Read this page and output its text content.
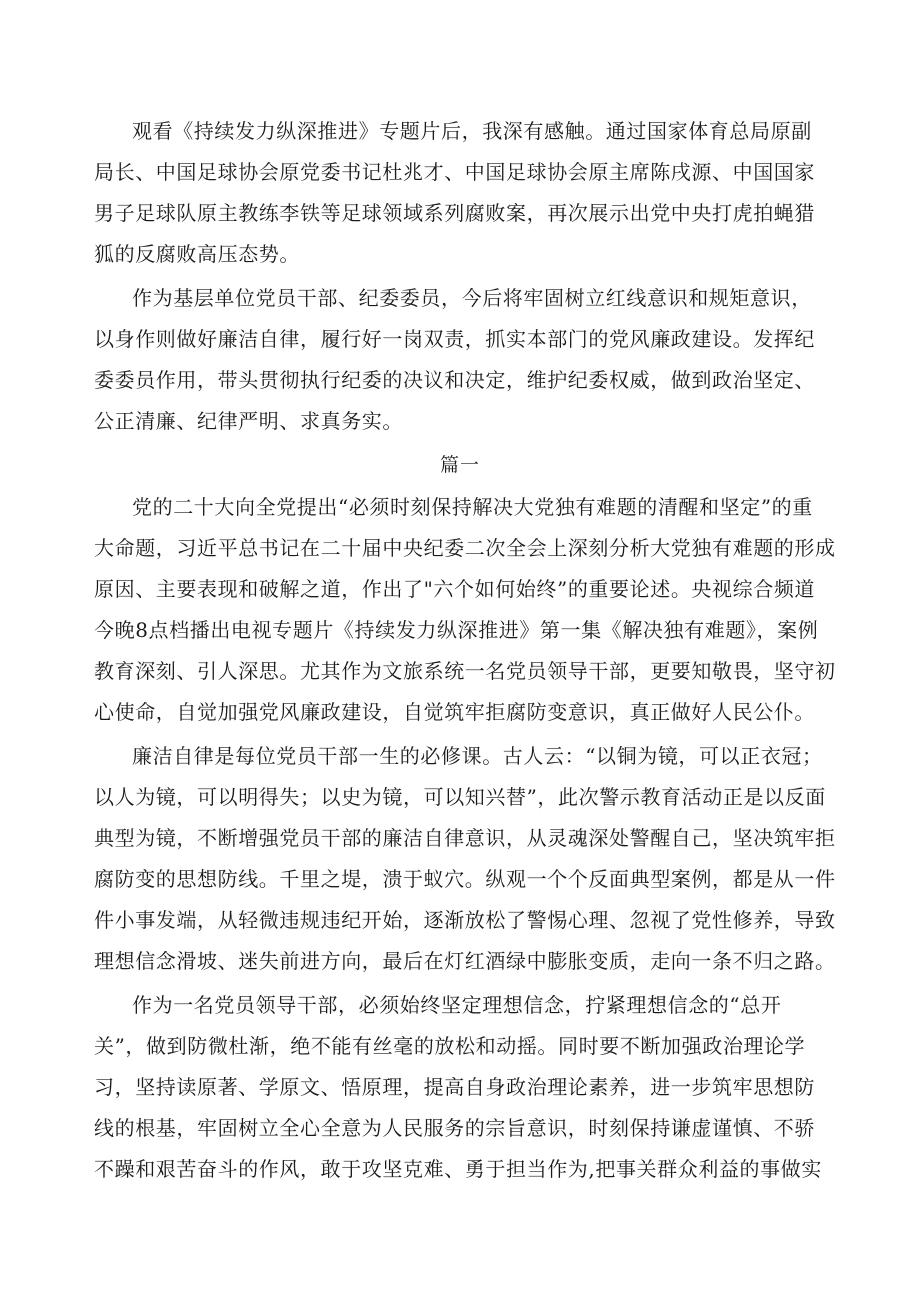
观看《持续发力纵深推进》专题片后，我深有感触。通过国家体育总局原副
局长、中国足球协会原党委书记杜兆才、中国足球协会原主席陈戌源、中国国家
男子足球队原主教练李铁等足球领域系列腐败案，再次展示出党中央打虎拍蝇猎
狐的反腐败高压态势。
作为基层单位党员干部、纪委委员，今后将牢固树立红线意识和规矩意识，
以身作则做好廉洁自律，履行好一岗双责，抓实本部门的党风廉政建设。发挥纪
委委员作用，带头贯彻执行纪委的决议和决定，维护纪委权威，做到政治坚定、
公正清廉、纪律严明、求真务实。
篇一
党的二十大向全党提出“必须时刻保持解决大党独有难题的清醒和坚定”的重
大命题，习近平总书记在二十届中央纪委二次全会上深刻分析大党独有难题的形成
原因、主要表现和破解之道，作出了"六个如何始终”的重要论述。央视综合频道
今晚8点档播出电视专题片《持续发力纵深推进》第一集《解决独有难题》，案例
教育深刻、引人深思。尤其作为文旅系统一名党员领导干部，更要知敬畏，坚守初
心使命，自觉加强党风廉政建设，自觉筑牢拒腐防变意识，真正做好人民公仆。
廉洁自律是每位党员干部一生的必修课。古人云：“以铜为镜，可以正衣冠；
以人为镜，可以明得失；以史为镜，可以知兴替”，此次警示教育活动正是以反面
典型为镜，不断增强党员干部的廉洁自律意识，从灵魂深处警醒自己，坚决筑牢拒
腐防变的思想防线。千里之堤，溃于蚁穴。纵观一个个反面典型案例，都是从一件
件小事发端，从轻微违规违纪开始，逐渐放松了警惕心理、忽视了党性修养，导致
理想信念滑坡、迷失前进方向，最后在灯红酒绿中膨胀变质，走向一条不归之路。
作为一名党员领导干部，必须始终坚定理想信念，拧紧理想信念的“总开
关”，做到防微杜渐，绝不能有丝毫的放松和动摇。同时要不断加强政治理论学
习，坚持读原著、学原文、悟原理，提高自身政治理论素养，进一步筑牢思想防
线的根基，牢固树立全心全意为人民服务的宗旨意识，时刻保持谦虚谨慎、不骄
不躁和艰苦奋斗的作风，敢于攻坚克难、勇于担当作为,把事关群众利益的事做实
